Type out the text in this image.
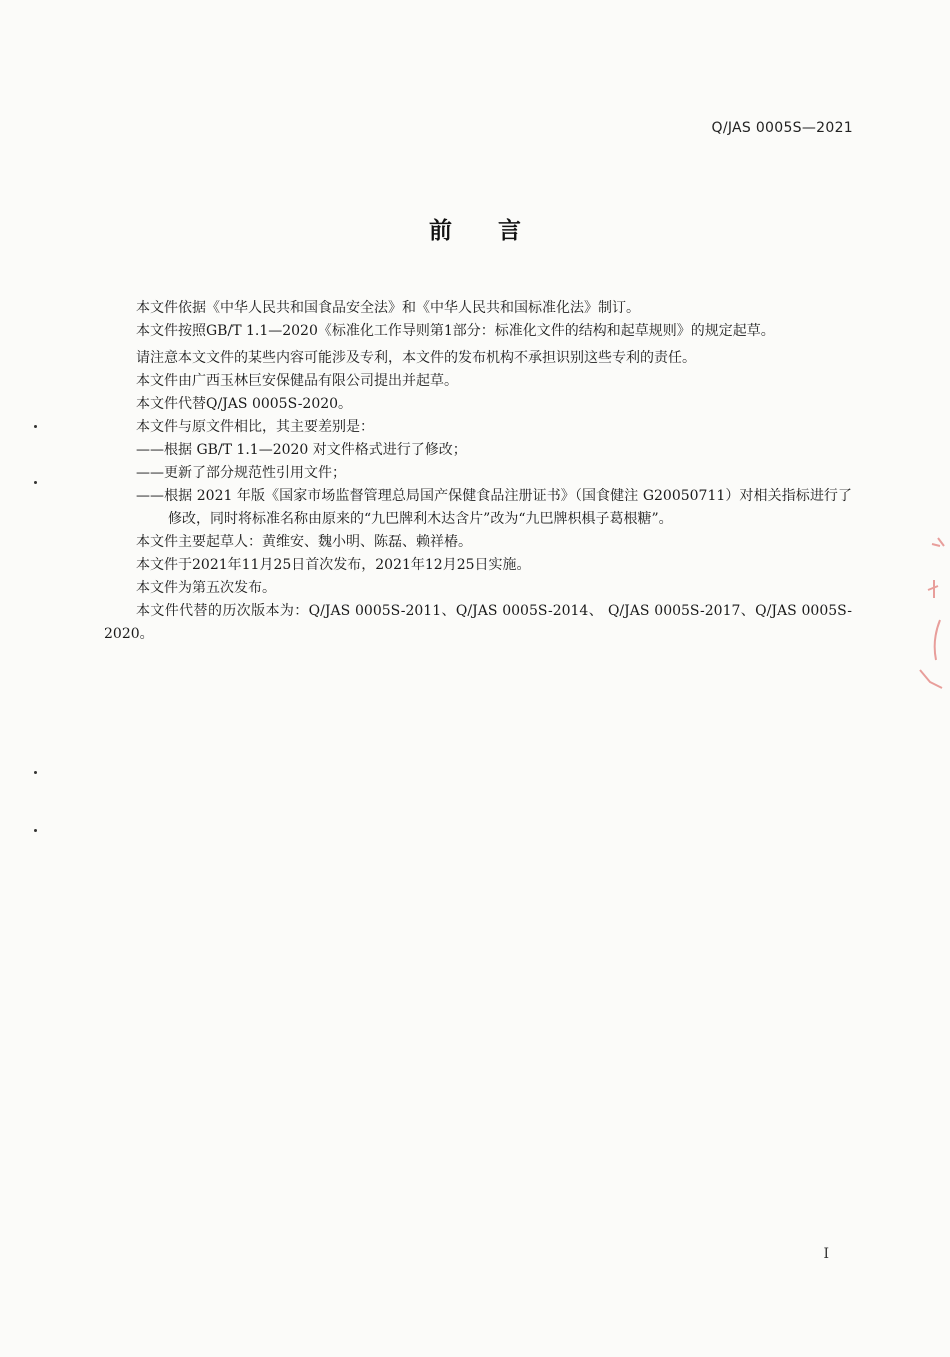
Q/JAS 0005S—2021
前言

本文件依据《中华人民共和国食品安全法》和《中华人民共和国标准化法》制订。

本文件按照GB/T 1.1—2020《标准化工作导则第1部分：标准化文件的结构和起草规则》的规定起草。

请注意本文文件的某些内容可能涉及专利，本文件的发布机构不承担识别这些专利的责任。

本文件由广西玉林巨安保健品有限公司提出并起草。

本文件代替Q/JAS 0005S-2020。

本文件与原文件相比，其主要差别是：

——根据 GB/T 1.1—2020 对文件格式进行了修改；

——更新了部分规范性引用文件；

——根据 2021 年版《国家市场监督管理总局国产保健食品注册证书》（国食健注 G20050711）对相关指标进行了修改，同时将标准名称由原来的“九巴牌利木达含片”改为“九巴牌枳椇子葛根糖”。

本文件主要起草人：黄维安、魏小明、陈磊、赖祥椿。

本文件于2021年11月25日首次发布，2021年12月25日实施。

本文件为第五次发布。

本文件代替的历次版本为：Q/JAS 0005S-2011、Q/JAS 0005S-2014、 Q/JAS 0005S-2017、Q/JAS 0005S-2020。

I
